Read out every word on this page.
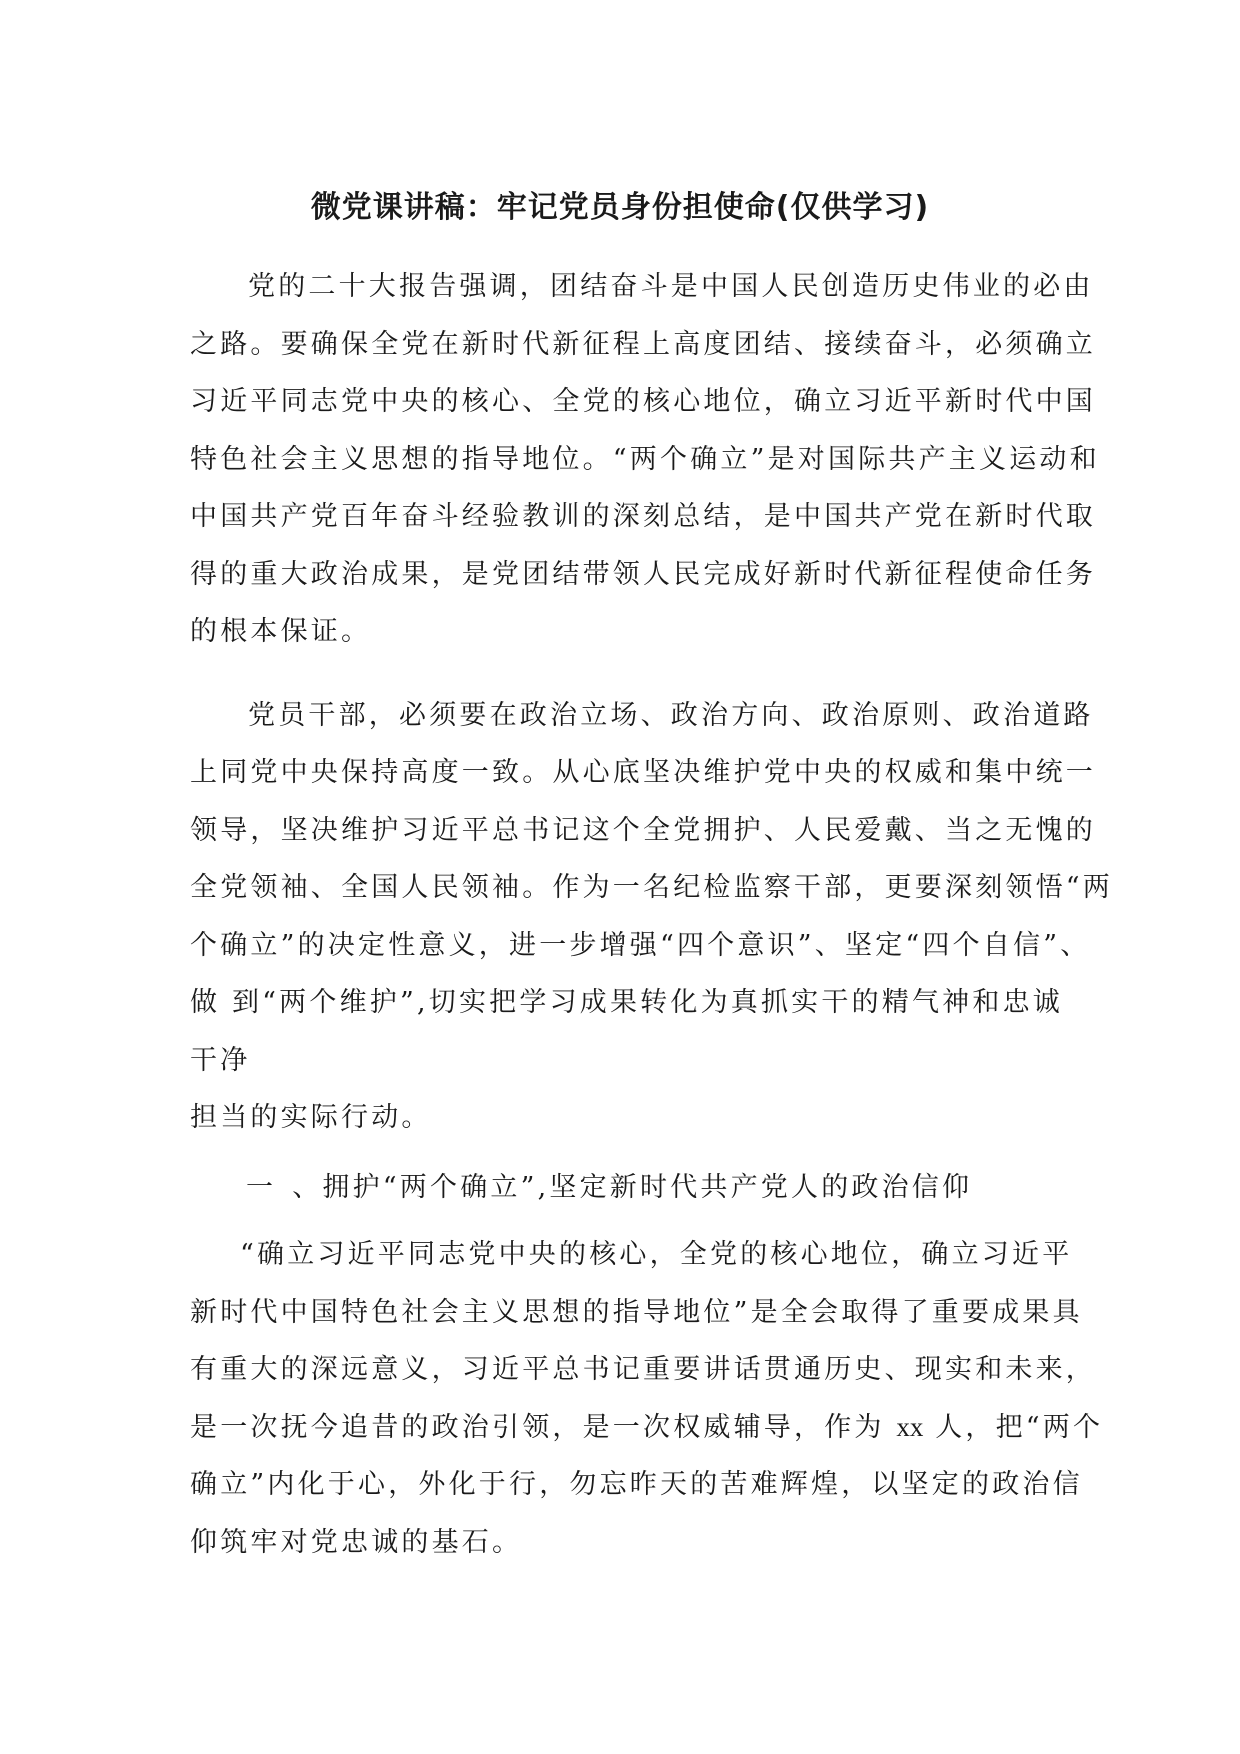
微党课讲稿：牢记党员身份担使命(仅供学习)
党的二十大报告强调，团结奋斗是中国人民创造历史伟业的必由
之路。要确保全党在新时代新征程上高度团结、接续奋斗，必须确立
习近平同志党中央的核心、全党的核心地位，确立习近平新时代中国
特色社会主义思想的指导地位。“两个确立”是对国际共产主义运动和
中国共产党百年奋斗经验教训的深刻总结，是中国共产党在新时代取
得的重大政治成果，是党团结带领人民完成好新时代新征程使命任务
的根本保证。
党员干部，必须要在政治立场、政治方向、政治原则、政治道路
上同党中央保持高度一致。从心底坚决维护党中央的权威和集中统一
领导，坚决维护习近平总书记这个全党拥护、人民爱戴、当之无愧的
全党领袖、全国人民领袖。作为一名纪检监察干部，更要深刻领悟“两
个确立”的决定性意义，进一步增强“四个意识”、坚定“四个自信”、
做 到“两个维护”,切实把学习成果转化为真抓实干的精气神和忠诚
干净
担当的实际行动。
一 、拥护“两个确立”,坚定新时代共产党人的政治信仰
“确立习近平同志党中央的核心，全党的核心地位，确立习近平
新时代中国特色社会主义思想的指导地位”是全会取得了重要成果具
有重大的深远意义，习近平总书记重要讲话贯通历史、现实和未来，
是一次抚今追昔的政治引领，是一次权威辅导，作为 xx 人，把“两个
确立”内化于心，外化于行，勿忘昨天的苦难辉煌，以坚定的政治信
仰筑牢对党忠诚的基石。
